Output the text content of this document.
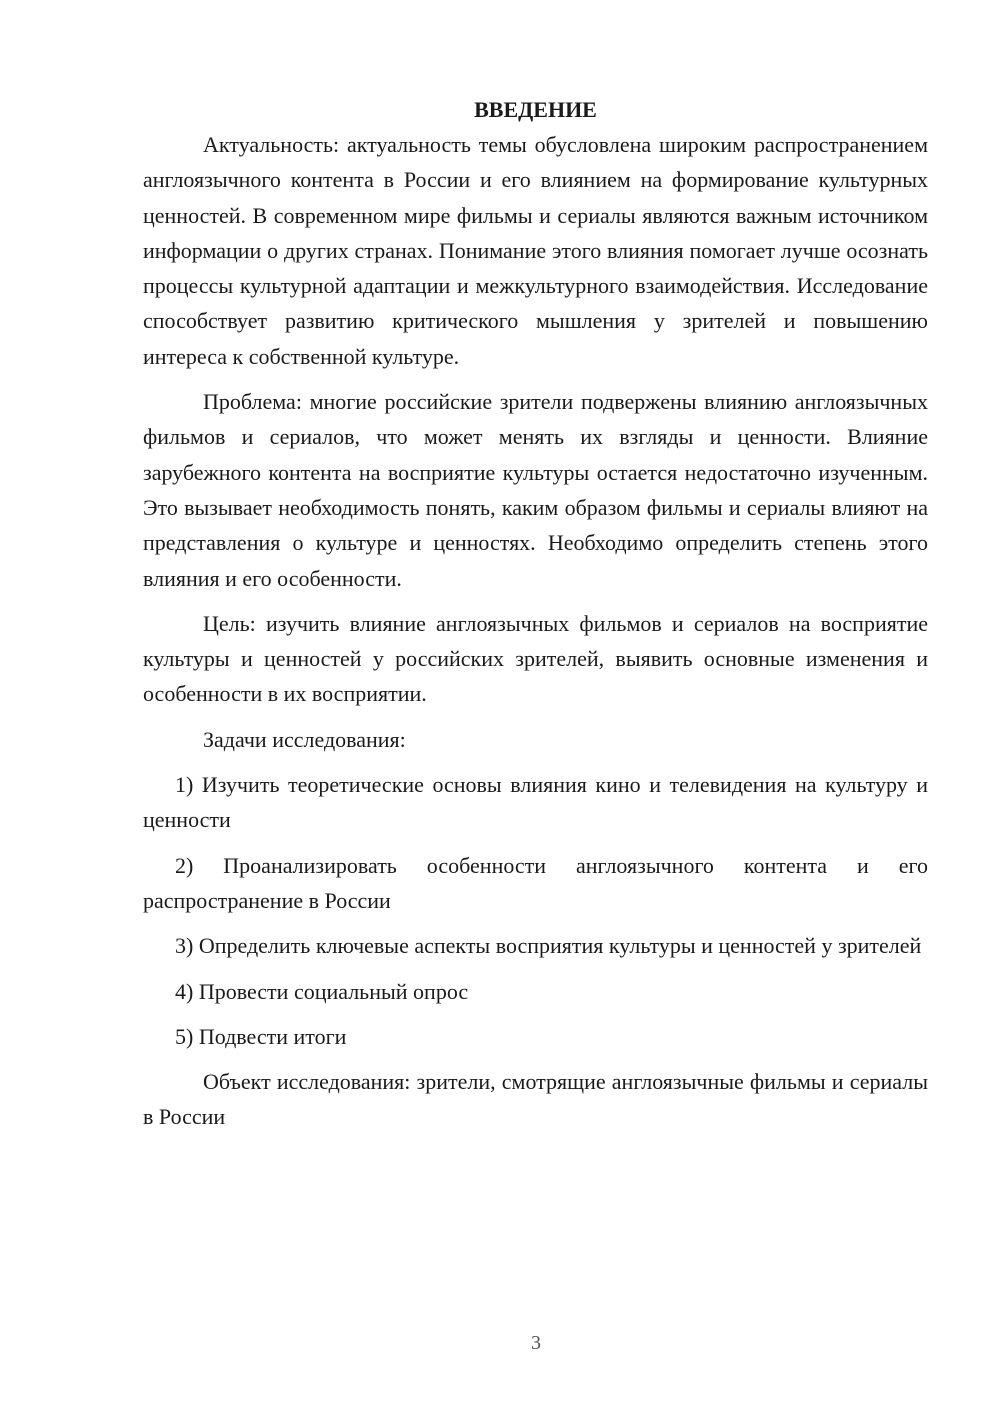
ВВЕДЕНИЕ

Актуальность: актуальность темы обусловлена широким распространением англоязычного контента в России и его влиянием на формирование культурных ценностей. В современном мире фильмы и сериалы являются важным источником информации о других странах. Понимание этого влияния помогает лучше осознать процессы культурной адаптации и межкультурного взаимодействия. Исследование способствует развитию критического мышления у зрителей и повышению интереса к собственной культуре.

Проблема: многие российские зрители подвержены влиянию англоязычных фильмов и сериалов, что может менять их взгляды и ценности. Влияние зарубежного контента на восприятие культуры остается недостаточно изученным. Это вызывает необходимость понять, каким образом фильмы и сериалы влияют на представления о культуре и ценностях. Необходимо определить степень этого влияния и его особенности.

Цель: изучить влияние англоязычных фильмов и сериалов на восприятие культуры и ценностей у российских зрителей, выявить основные изменения и особенности в их восприятии.

Задачи исследования:

1) Изучить теоретические основы влияния кино и телевидения на культуру и ценности

2) Проанализировать особенности англоязычного контента и его распространение в России

3) Определить ключевые аспекты восприятия культуры и ценностей у зрителей

4) Провести социальный опрос

5) Подвести итоги

Объект исследования: зрители, смотрящие англоязычные фильмы и сериалы в России

3
